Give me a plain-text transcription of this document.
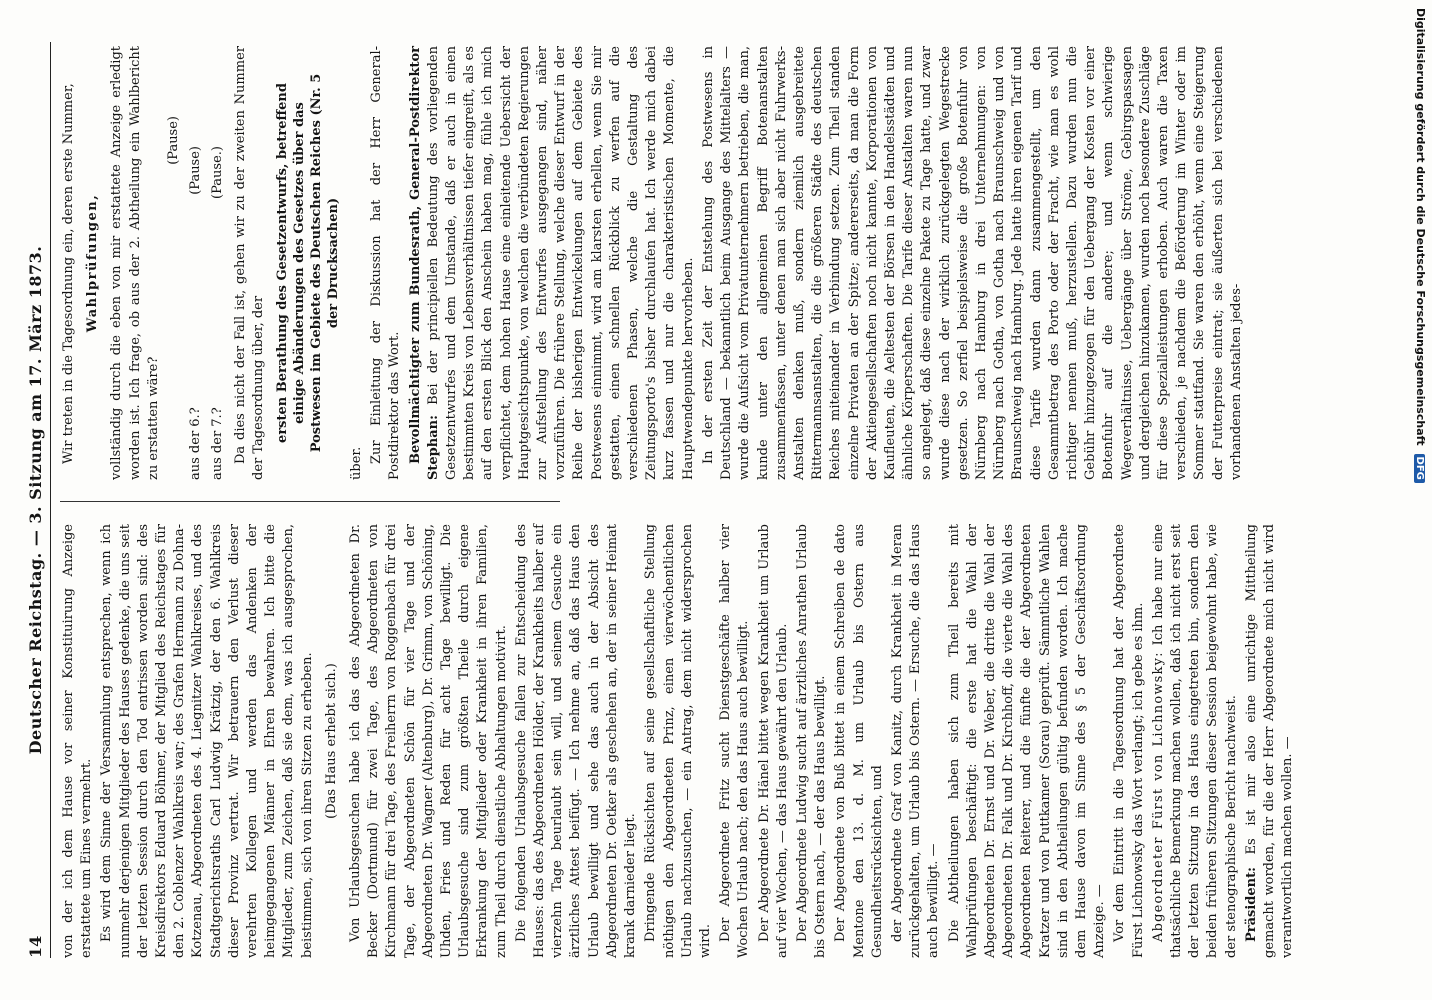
14
Deutscher Reichstag. — 3. Sitzung am 17. März 1873. von der ich dem Hause vor seiner Konstituirung Anzeige erstattete um Eines vermehrt. Es wird dem Sinne der Versammlung entsprechen, wenn ich nunmehr derjenigen Mitglieder des Hauses gedenke, die uns seit der letzten Session durch den Tod entrissen worden sind: des Kreisdirektors Eduard Böhmer, der Mitglied des Reichstages für den 2. Coblenzer Wahlkreis war; des Grafen Hermann zu Dohna-Kotzenau, Abgeordneten des 4. Liegnitzer Wahlkreises, und des Stadtgerichtsraths Carl Ludwig Krätzig, der den 6. Wahlkreis dieser Provinz vertrat. Wir betrauern den Verlust dieser verehrten Kollegen und werden das Andenken der heimgegangenen Männer in Ehren bewahren. Ich bitte die Mitglieder, zum Zeichen, daß sie dem, was ich ausgesprochen, beistimmen, sich von ihren Sitzen zu erheben. (Das Haus erhebt sich.) Von Urlaubsgesuchen habe ich das des Abgeordneten Dr. Becker (Dortmund) für zwei Tage, des Abgeordneten von Kirchmann für drei Tage, des Freiherrn von Roggenbach für drei Tage, der Abgeordneten Schön für vier Tage und der Abgeordneten Dr. Wagner (Altenburg), Dr. Grimm, von Schöning, Uhden, Fries und Reden für acht Tage bewilligt. Die Urlaubsgesuche sind zum größten Theile durch eigene Erkrankung der Mitglieder oder Krankheit in ihren Familien, zum Theil durch dienstliche Abhaltungen motivirt. Die folgenden Urlaubsgesuche fallen zur Entscheidung des Hauses: das des Abgeordneten Hölder, der Krankheits halber auf vierzehn Tage beurlaubt sein will, und seinem Gesuche ein ärztliches Attest beifügt. — Ich nehme an, daß das Haus den Urlaub bewilligt und sehe das auch in der Absicht des Abgeordneten Dr. Oetker als geschehen an, der in seiner Heimat krank darnieder liegt. Dringende Rücksichten auf seine gesellschaftliche Stellung nöthigen den Abgeordneten Prinz, einen vierwöchentlichen Urlaub nachzusuchen, — ein Antrag, dem nicht widersprochen wird. Der Abgeordnete Fritz sucht Dienstgeschäfte halber vier Wochen Urlaub nach; den das Haus auch bewilligt. Der Abgeordnete Dr. Hänel bittet wegen Krankheit um Urlaub auf vier Wochen, — das Haus gewährt den Urlaub. Der Abgeordnete Ludwig sucht auf ärztliches Anrathen Urlaub bis Ostern nach, — der das Haus bewilligt. Der Abgeordnete von Buß bittet in einem Schreiben de dato Mentone den 13. d. M. um Urlaub bis Ostern aus Gesundheitsrücksichten, und der Abgeordnete Graf von Kanitz, durch Krankheit in Meran zurückgehalten, um Urlaub bis Ostern. — Ersuche, die das Haus auch bewilligt. — Die Abtheilungen haben sich zum Theil bereits mit Wahlprüfungen beschäftigt: die erste hat die Wahl der Abgeordneten Dr. Ernst und Dr. Weber, die dritte die Wahl der Abgeordneten Dr. Falk und Dr. Kirchhoff, die vierte die Wahl des Abgeordneten Reiterer, und die fünfte die der Abgeordneten Kratzer und von Puttkamer (Sorau) geprüft. Sämmtliche Wahlen sind in den Abtheilungen gültig befunden worden. Ich mache dem Hause davon im Sinne des § 5 der Geschäftsordnung Anzeige. — Vor dem Eintritt in die Tagesordnung hat der Abgeordnete Fürst Lichnowsky das Wort verlangt; ich gebe es ihm. Abgeordneter Fürst von Lichnowsky: Ich habe nur eine thatsächliche Bemerkung machen wollen, daß ich nicht erst seit der letzten Sitzung in das Haus eingetreten bin, sondern den beiden früheren Sitzungen dieser Session beigewohnt habe, wie der stenographische Bericht nachweist. Präsident: Es ist mir also eine unrichtige Mittheilung gemacht worden, für die der Herr Abgeordnete mich nicht wird verantwortlich machen wollen. —

Wir treten in die Tagesordnung ein, deren erste Nummer, Wahlprüfungen, vollständig durch die eben von mir erstattete Anzeige erledigt worden ist. Ich frage, ob aus der 2. Abtheilung ein Wahlbericht zu erstatten wäre?

(Pause)

aus der 6.?
(Pause)

aus der 7.?
(Pause.) Da dies nicht der Fall ist, gehen wir zu der zweiten Nummer der Tagesordnung über, der ersten Berathung des Gesetzentwurfs, betreffend einige Abänderungen des Gesetzes über das Postwesen im Gebiete des Deutschen Reiches (Nr. 5 der Drucksachen)

über. Zur Einleitung der Diskussion hat der Herr General-Postdirektor das Wort. Bevollmächtigter zum Bundesrath, General-Postdirektor Stephan: Bei der principiellen Bedeutung des vorliegenden Gesetzentwurfes und dem Umstande, daß er auch in einen bestimmten Kreis von Lebensverhältnissen tiefer eingreift, als es auf den ersten Blick den Anschein haben mag, fühle ich mich verpflichtet, dem hohen Hause eine einleitende Uebersicht der Hauptgesichtspunkte, von welchen die verbündeten Regierungen zur Aufstellung des Entwurfes ausgegangen sind, näher vorzuführen. Die frühere Stellung, welche dieser Entwurf in der Reihe der bisherigen Entwickelungen auf dem Gebiete des Postwesens einnimmt, wird am klarsten erhellen, wenn Sie mir gestatten, einen schnellen Rückblick zu werfen auf die verschiedenen Phasen, welche die Gestaltung des Zeitungsporto's bisher durchlaufen hat. Ich werde mich dabei kurz fassen und nur die charakteristischen Momente, die Hauptwendepunkte hervorheben. In der ersten Zeit der Entstehung des Postwesens in Deutschland — bekanntlich beim Ausgange des Mittelalters — wurde die Aufsicht vom Privatunternehmern betrieben, die man, kunde unter den allgemeinen Begriff Botenanstalten zusammenfassen, unter denen man sich aber nicht Fuhrwerks-Anstalten denken muß, sondern ziemlich ausgebreitete Rittermannsanstalten, die die größeren Städte des deutschen Reiches miteinander in Verbindung setzen. Zum Theil standen einzelne Privaten an der Spitze; andererseits, da man die Form der Aktiengesellschaften noch nicht kannte, Korporationen von Kaufleuten, die Aeltesten der Börsen in den Handelsstädten und ähnliche Körperschaften. Die Tarife dieser Anstalten waren nun so angelegt, daß diese einzelne Pakete zu Tage hatte, und zwar wurde diese nach der wirklich zurückgelegten Wegestrecke gesetzen. So zerfiel beispielsweise die große Botenfuhr von Nürnberg nach Hamburg in drei Unternehmungen: von Nürnberg nach Gotha, von Gotha nach Braunschweig und von Braunschweig nach Hamburg. Jede hatte ihren eigenen Tarif und diese Tarife wurden dann zusammengestellt, um den Gesammtbetrag des Porto oder der Fracht, wie man es wohl richtiger nennen muß, herzustellen. Dazu wurden nun die Gebühr hinzugezogen für den Uebergang der Kosten vor einer Botenfuhr auf die andere; und wenn schwierige Wegeverhältnisse, Uebergänge über Ströme, Gebirgspassagen und dergleichen hinzukamen, wurden noch besondere Zuschläge für diese Spezialleistungen erhoben. Auch waren die Taxen verschieden, je nachdem die Beförderung im Winter oder im Sommer stattfand. Sie waren den erhöht, wenn eine Steigerung der Futterpreise eintrat; sie äußerten sich bei verschiedenen vorhandenen Anstalten jedes-	Digitalisierung gefördert durch die Deutsche Forschungsgemeinschaft DFG
